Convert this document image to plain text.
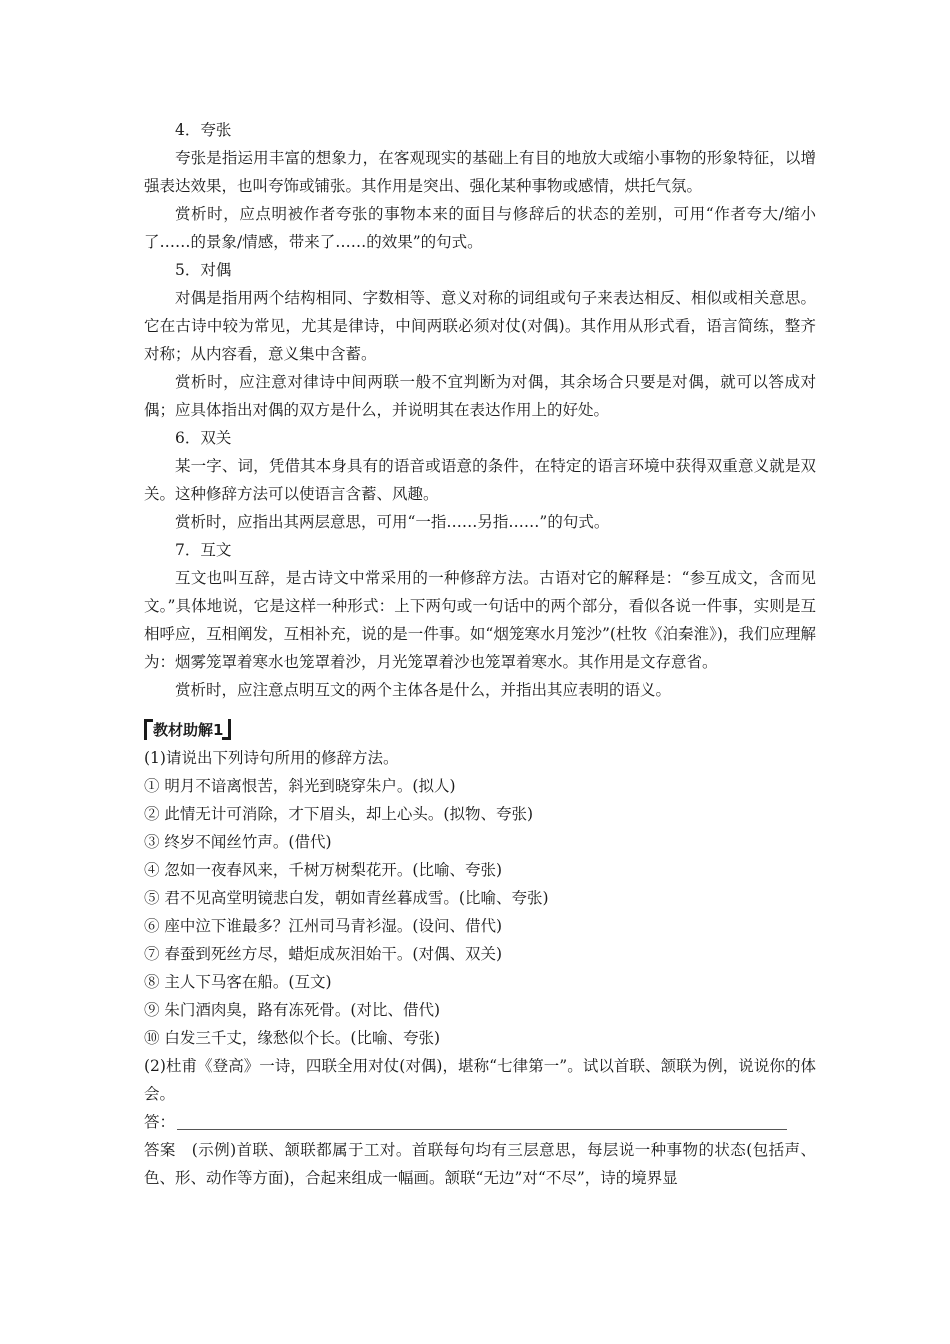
4．夸张

夸张是指运用丰富的想象力，在客观现实的基础上有目的地放大或缩小事物的形象特征，以增强表达效果，也叫夸饰或铺张。其作用是突出、强化某种事物或感情，烘托气氛。

赏析时，应点明被作者夸张的事物本来的面目与修辞后的状态的差别，可用“作者夸大/缩小了……的景象/情感，带来了……的效果”的句式。

5．对偶

对偶是指用两个结构相同、字数相等、意义对称的词组或句子来表达相反、相似或相关意思。它在古诗中较为常见，尤其是律诗，中间两联必须对仗(对偶)。其作用从形式看，语言简练，整齐对称；从内容看，意义集中含蓄。

赏析时，应注意对律诗中间两联一般不宜判断为对偶，其余场合只要是对偶，就可以答成对偶；应具体指出对偶的双方是什么，并说明其在表达作用上的好处。

6．双关

某一字、词，凭借其本身具有的语音或语意的条件，在特定的语言环境中获得双重意义就是双关。这种修辞方法可以使语言含蓄、风趣。

赏析时，应指出其两层意思，可用“一指……另指……”的句式。

7．互文

互文也叫互辞，是古诗文中常采用的一种修辞方法。古语对它的解释是：“参互成文，含而见文。”具体地说，它是这样一种形式：上下两句或一句话中的两个部分，看似各说一件事，实则是互相呼应，互相阐发，互相补充，说的是一件事。如“烟笼寒水月笼沙”(杜牧《泊秦淮》)，我们应理解为：烟雾笼罩着寒水也笼罩着沙，月光笼罩着沙也笼罩着寒水。其作用是文存意省。

赏析时，应注意点明互文的两个主体各是什么，并指出其应表明的语义。

教材助解1

(1)请说出下列诗句所用的修辞方法。

① 明月不谙离恨苦，斜光到晓穿朱户。(拟人)

② 此情无计可消除，才下眉头，却上心头。(拟物、夸张)

③ 终岁不闻丝竹声。(借代)

④ 忽如一夜春风来，千树万树梨花开。(比喻、夸张)

⑤ 君不见高堂明镜悲白发，朝如青丝暮成雪。(比喻、夸张)

⑥ 座中泣下谁最多？江州司马青衫湿。(设问、借代)

⑦ 春蚕到死丝方尽，蜡炬成灰泪始干。(对偶、双关)

⑧ 主人下马客在船。(互文)

⑨ 朱门酒肉臭，路有冻死骨。(对比、借代)

⑩ 白发三千丈，缘愁似个长。(比喻、夸张)

(2)杜甫《登高》一诗，四联全用对仗(对偶)，堪称“七律第一”。试以首联、颔联为例，说说你的体会。

答：

答案　(示例)首联、颔联都属于工对。首联每句均有三层意思，每层说一种事物的状态(包括声、色、形、动作等方面)，合起来组成一幅画。颔联“无边”对“不尽”，诗的境界显
